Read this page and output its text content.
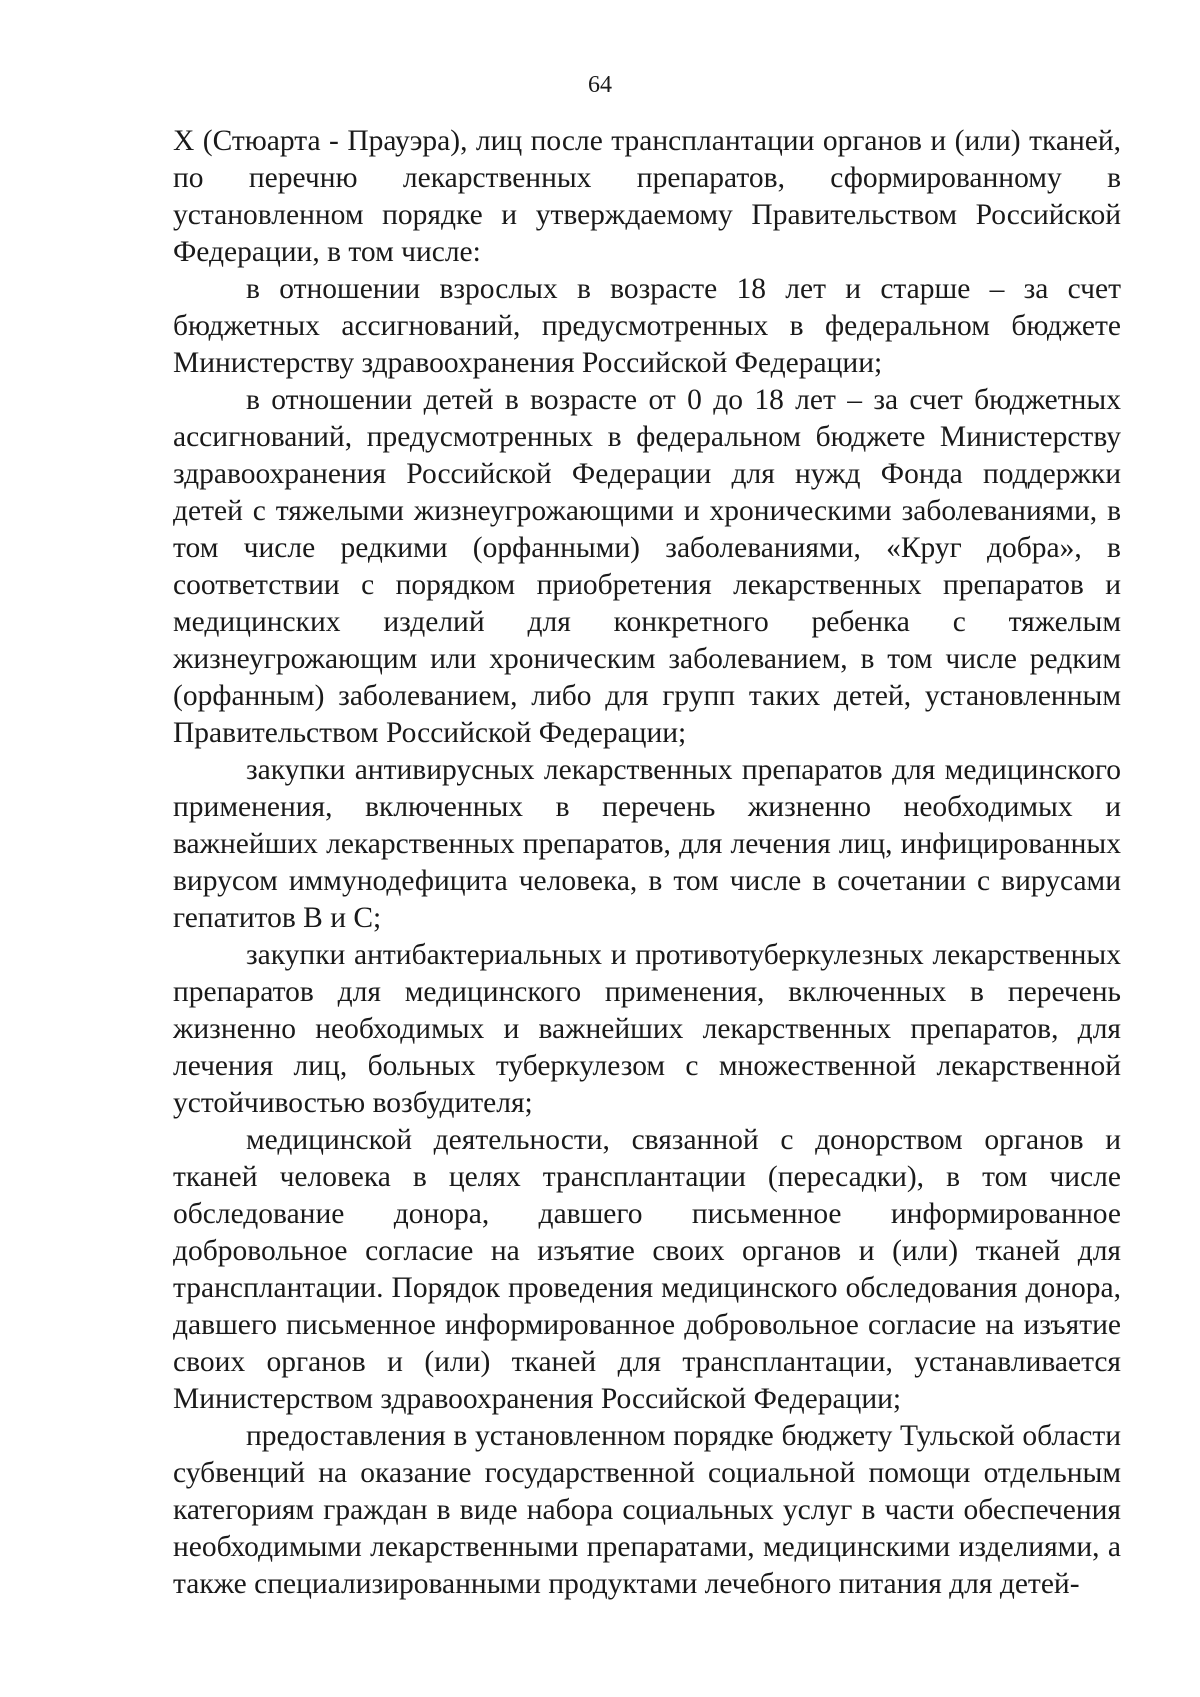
64

Х (Стюарта - Прауэра), лиц после трансплантации органов и (или) тканей, по перечню лекарственных препаратов, сформированному в установленном порядке и утверждаемому Правительством Российской Федерации, в том числе:

в отношении взрослых в возрасте 18 лет и старше – за счет бюджетных ассигнований, предусмотренных в федеральном бюджете Министерству здравоохранения Российской Федерации;

в отношении детей в возрасте от 0 до 18 лет – за счет бюджетных ассигнований, предусмотренных в федеральном бюджете Министерству здравоохранения Российской Федерации для нужд Фонда поддержки детей с тяжелыми жизнеугрожающими и хроническими заболеваниями, в том числе редкими (орфанными) заболеваниями, «Круг добра», в соответствии с порядком приобретения лекарственных препаратов и медицинских изделий для конкретного ребенка с тяжелым жизнеугрожающим или хроническим заболеванием, в том числе редким (орфанным) заболеванием, либо для групп таких детей, установленным Правительством Российской Федерации;

закупки антивирусных лекарственных препаратов для медицинского применения, включенных в перечень жизненно необходимых и важнейших лекарственных препаратов, для лечения лиц, инфицированных вирусом иммунодефицита человека, в том числе в сочетании с вирусами гепатитов В и С;

закупки антибактериальных и противотуберкулезных лекарственных препаратов для медицинского применения, включенных в перечень жизненно необходимых и важнейших лекарственных препаратов, для лечения лиц, больных туберкулезом с множественной лекарственной устойчивостью возбудителя;

медицинской деятельности, связанной с донорством органов и тканей человека в целях трансплантации (пересадки), в том числе обследование донора, давшего письменное информированное добровольное согласие на изъятие своих органов и (или) тканей для трансплантации. Порядок проведения медицинского обследования донора, давшего письменное информированное добровольное согласие на изъятие своих органов и (или) тканей для трансплантации, устанавливается Министерством здравоохранения Российской Федерации;

предоставления в установленном порядке бюджету Тульской области субвенций на оказание государственной социальной помощи отдельным категориям граждан в виде набора социальных услуг в части обеспечения необходимыми лекарственными препаратами, медицинскими изделиями, а также специализированными продуктами лечебного питания для детей-
